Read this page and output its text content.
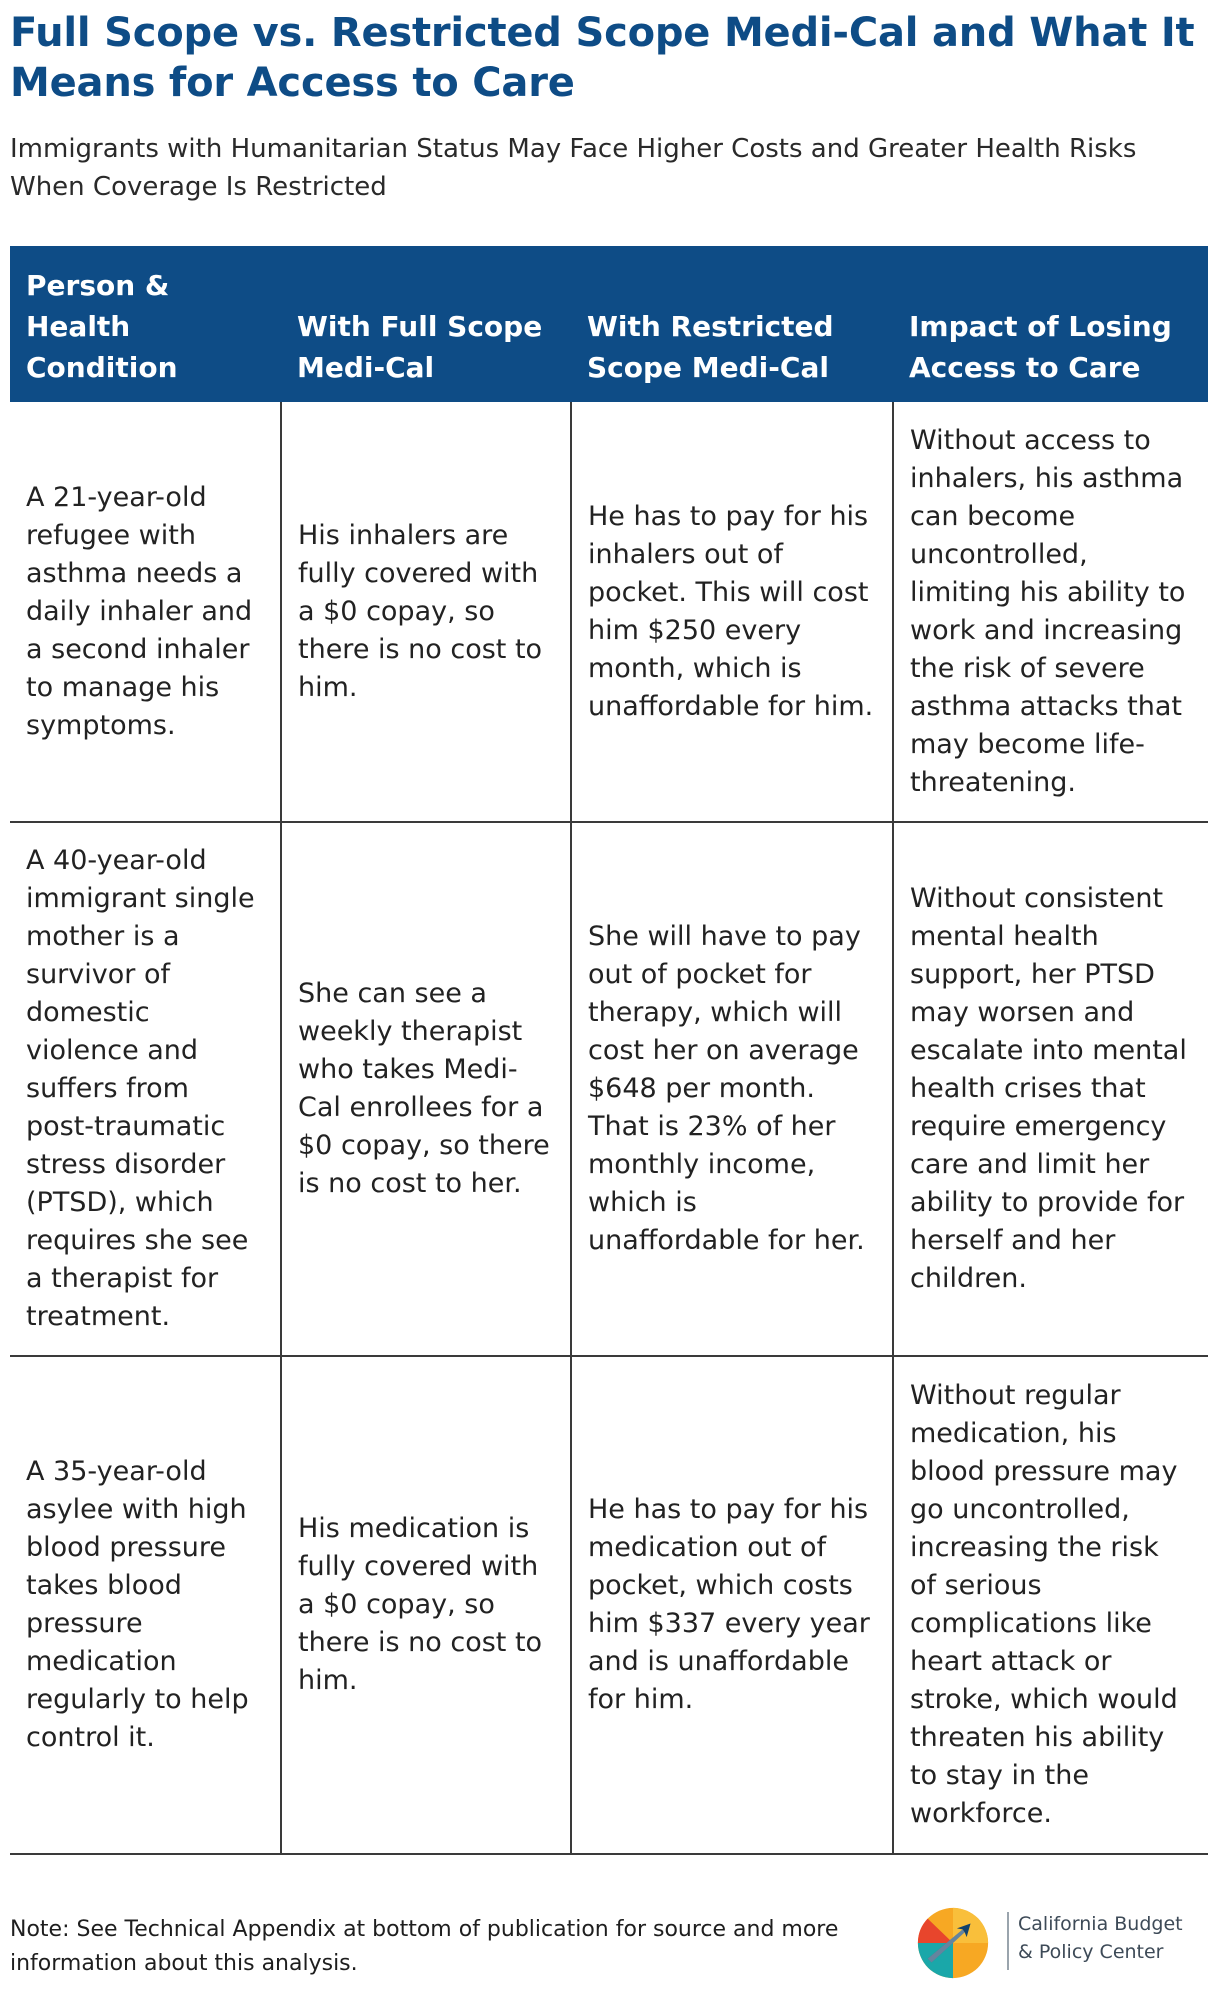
Full Scope vs. Restricted Scope Medi-Cal and What It Means for Access to Care

Immigrants with Humanitarian Status May Face Higher Costs and Greater Health Risks When Coverage Is Restricted

Person & Health Condition	With Full Scope Medi-Cal	With Restricted Scope Medi-Cal	Impact of Losing Access to Care
A 21-year-old refugee with asthma needs a daily inhaler and a second inhaler to manage his symptoms.	His inhalers are fully covered with a $0 copay, so there is no cost to him.	He has to pay for his inhalers out of pocket. This will cost him $250 every month, which is unaffordable for him.	Without access to inhalers, his asthma can become uncontrolled, limiting his ability to work and increasing the risk of severe asthma attacks that may become life-threatening.
A 40-year-old immigrant single mother is a survivor of domestic violence and suffers from post-traumatic stress disorder (PTSD), which requires she see a therapist for treatment.	She can see a weekly therapist who takes Medi-Cal enrollees for a $0 copay, so there is no cost to her.	She will have to pay out of pocket for therapy, which will cost her on average $648 per month. That is 23% of her monthly income, which is unaffordable for her.	Without consistent mental health support, her PTSD may worsen and escalate into mental health crises that require emergency care and limit her ability to provide for herself and her children.
A 35-year-old asylee with high blood pressure takes blood pressure medication regularly to help control it.	His medication is fully covered with a $0 copay, so there is no cost to him.	He has to pay for his medication out of pocket, which costs him $337 every year and is unaffordable for him.	Without regular medication, his blood pressure may go uncontrolled, increasing the risk of serious complications like heart attack or stroke, which would threaten his ability to stay in the workforce.

Note: See Technical Appendix at bottom of publication for source and more information about this analysis.

California Budget
& Policy Center
